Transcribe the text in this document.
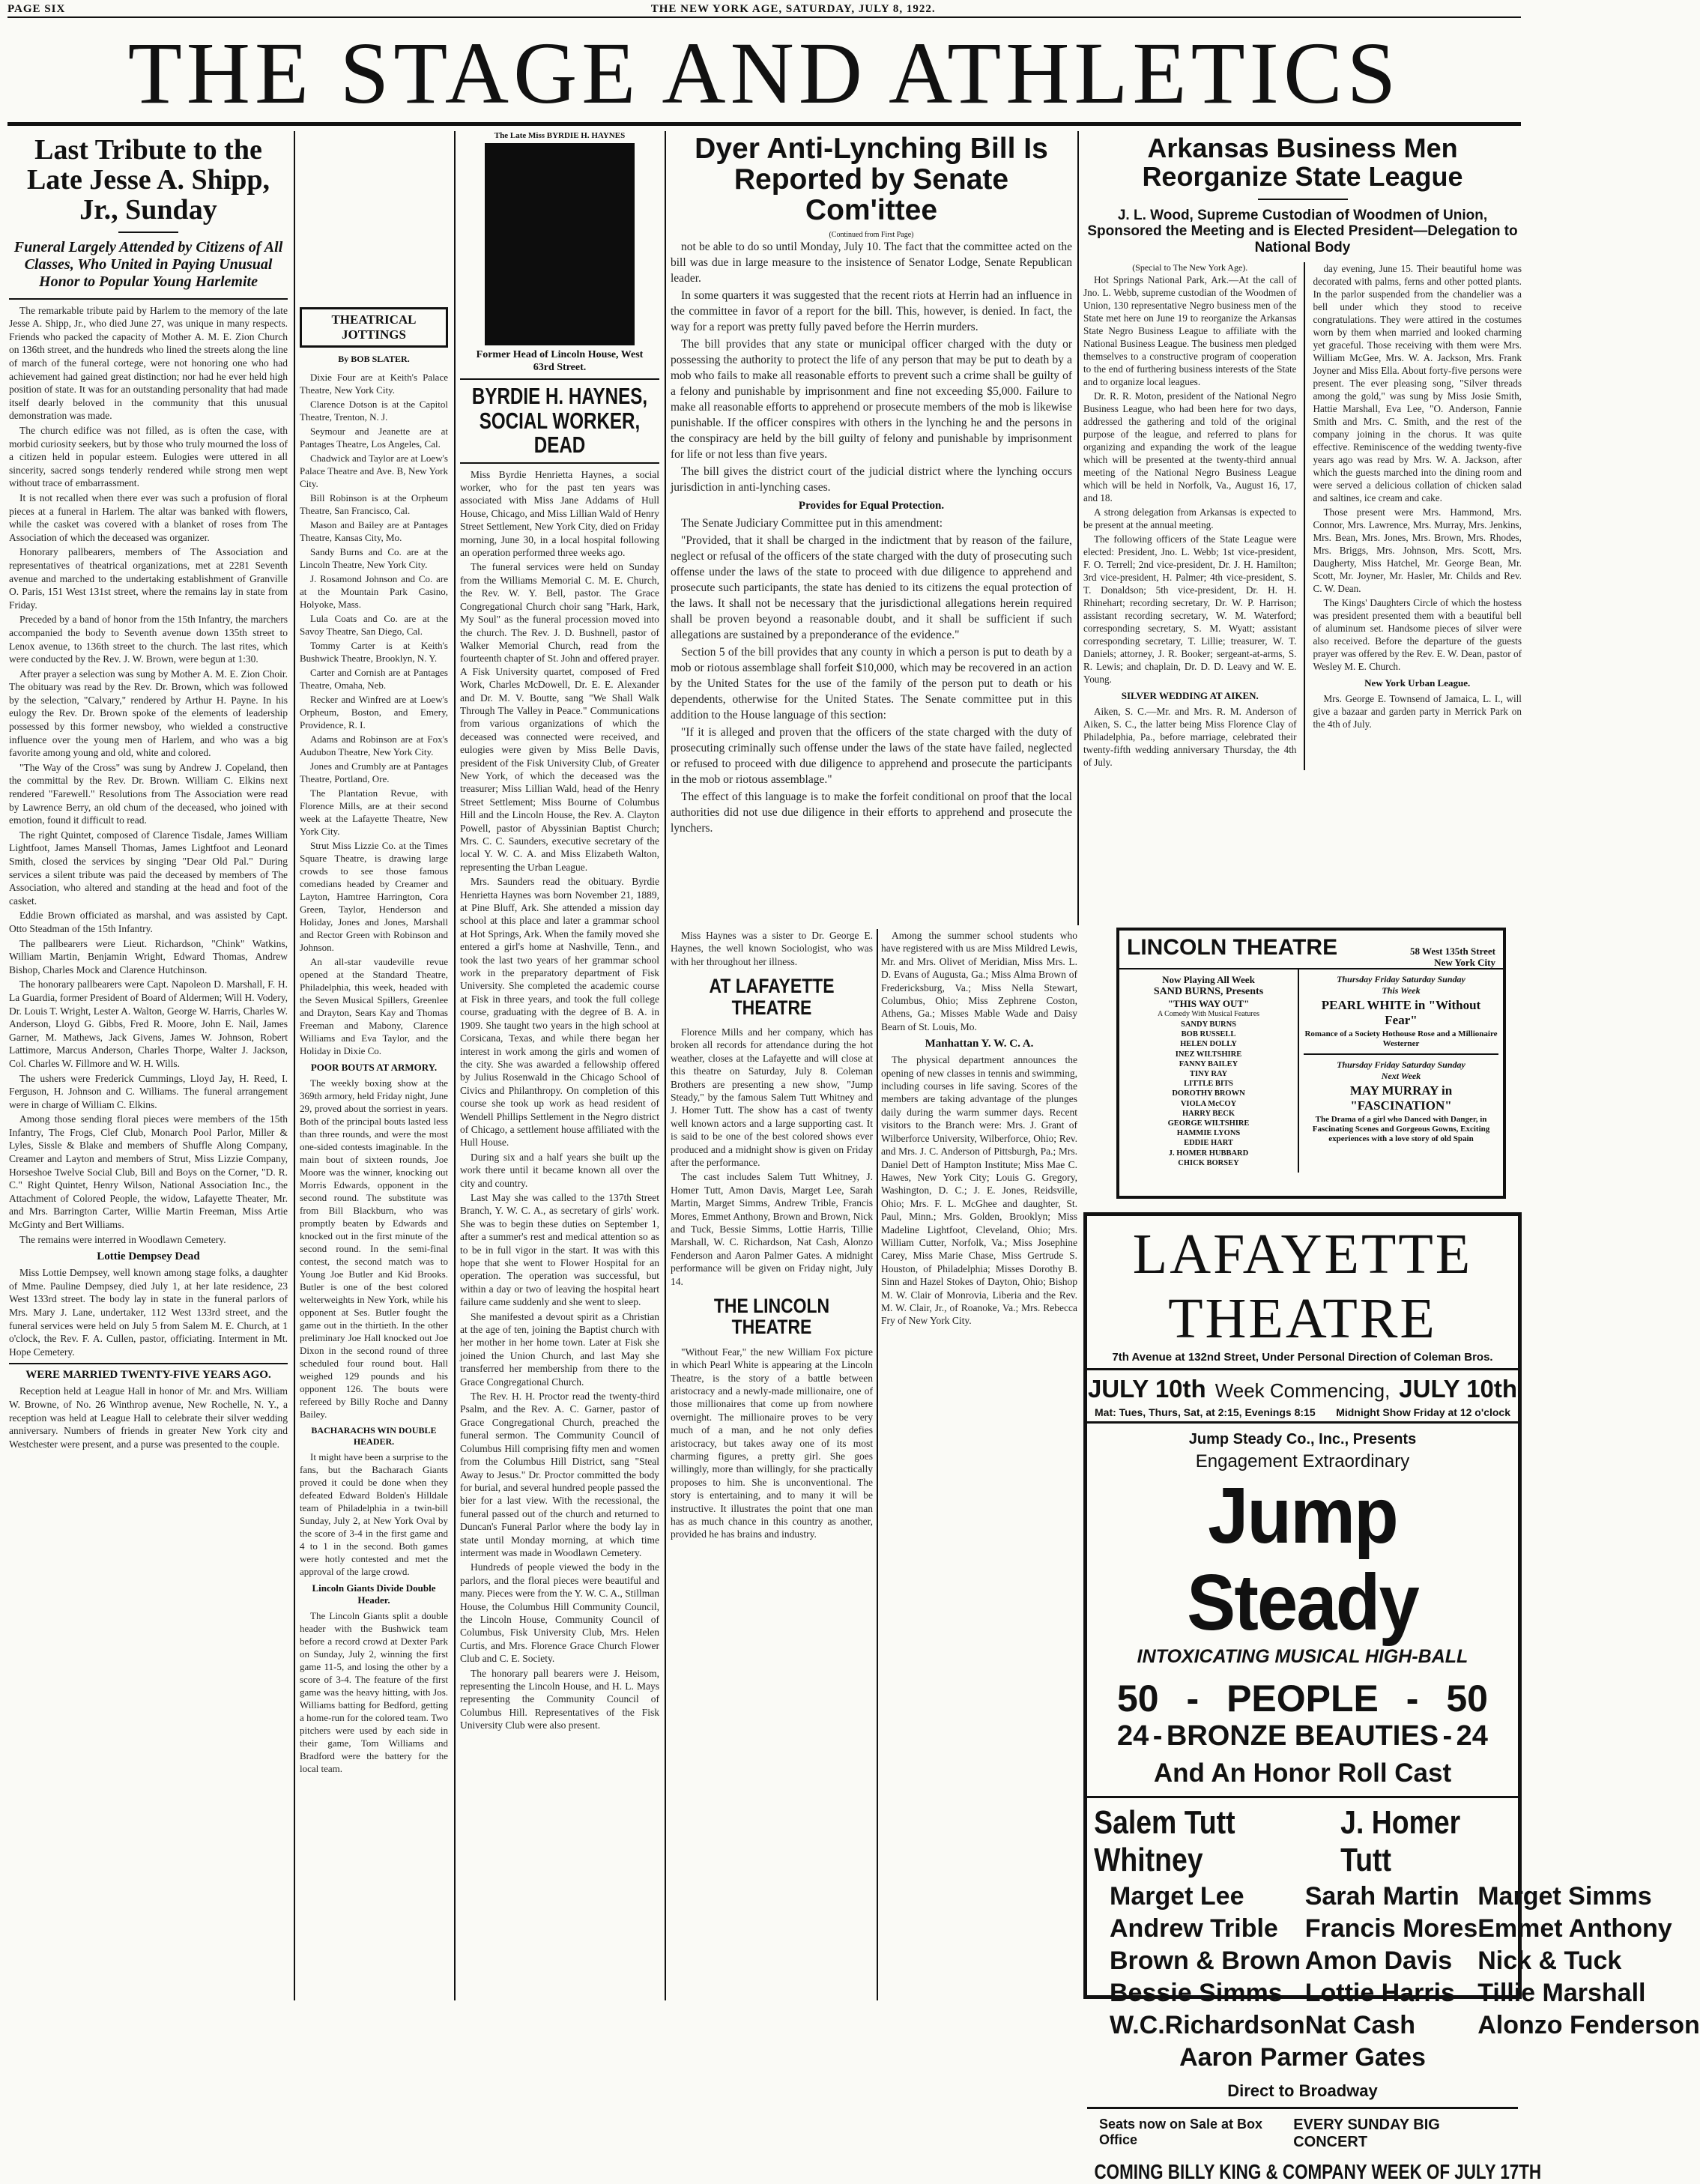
PAGE SIX	THE NEW YORK AGE, SATURDAY, JULY 8, 1922.
THE STAGE AND ATHLETICS
Last Tribute to the Late Jesse A. Shipp, Jr., Sunday
Funeral Largely Attended by Citizens of All Classes, Who United in Paying Unusual Honor to Popular Young Harlemite

The remarkable tribute paid by Harlem to the memory of the late Jesse A. Shipp, Jr., who died June 27, was unique in many respects. Friends who packed the capacity of Mother A. M. E. Zion Church on 136th street, and the hundreds who lined the streets along the line of march of the funeral cortege, were not honoring one who had achievement had gained great distinction; nor had he ever held high position of state. It was for an outstanding personality that had made itself dearly beloved in the community that this unusual demonstration was made.

The church edifice was not filled, as is often the case, with morbid curiosity seekers, but by those who truly mourned the loss of a citizen held in popular esteem. Eulogies were uttered in all sincerity, sacred songs tenderly rendered while strong men wept without trace of embarrassment.

It is not recalled when there ever was such a profusion of floral pieces at a funeral in Harlem. The altar was banked with flowers, while the casket was covered with a blanket of roses from The Association of which the deceased was organizer.

Honorary pallbearers, members of The Association and representatives of theatrical organizations, met at 2281 Seventh avenue and marched to the undertaking establishment of Granville O. Paris, 151 West 131st street, where the remains lay in state from Friday.

Preceded by a band of honor from the 15th Infantry, the marchers accompanied the body to Seventh avenue down 135th street to Lenox avenue, to 136th street to the church. The last rites, which were conducted by the Rev. J. W. Brown, were begun at 1:30.

After prayer a selection was sung by Mother A. M. E. Zion Choir. The obituary was read by the Rev. Dr. Brown, which was followed by the selection, "Calvary," rendered by Arthur H. Payne. In his eulogy the Rev. Dr. Brown spoke of the elements of leadership possessed by this former newsboy, who wielded a constructive influence over the young men of Harlem, and who was a big favorite among young and old, white and colored.

"The Way of the Cross" was sung by Andrew J. Copeland, then the committal by the Rev. Dr. Brown. William C. Elkins next rendered "Farewell." Resolutions from The Association were read by Lawrence Berry, an old chum of the deceased, who joined with emotion, found it difficult to read.

The right Quintet, composed of Clarence Tisdale, James William Lightfoot, James Mansell Thomas, James Lightfoot and Leonard Smith, closed the services by singing "Dear Old Pal." During services a silent tribute was paid the deceased by members of The Association, who altered and standing at the head and foot of the casket.

Eddie Brown officiated as marshal, and was assisted by Capt. Otto Steadman of the 15th Infantry.

The pallbearers were Lieut. Richardson, "Chink" Watkins, William Martin, Benjamin Wright, Edward Thomas, Andrew Bishop, Charles Mock and Clarence Hutchinson.

The honorary pallbearers were Capt. Napoleon D. Marshall, F. H. La Guardia, former President of Board of Aldermen; Will H. Vodery, Dr. Louis T. Wright, Lester A. Walton, George W. Harris, Charles W. Anderson, Lloyd G. Gibbs, Fred R. Moore, John E. Nail, James Garner, M. Mathews, Jack Givens, James W. Johnson, Robert Lattimore, Marcus Anderson, Charles Thorpe, Walter J. Jackson, Col. Charles W. Fillmore and W. H. Wills.

The ushers were Frederick Cummings, Lloyd Jay, H. Reed, I. Ferguson, H. Johnson and C. Williams. The funeral arrangement were in charge of William C. Elkins.

Among those sending floral pieces were members of the 15th Infantry, The Frogs, Clef Club, Monarch Pool Parlor, Miller & Lyles, Sissle & Blake and members of Shuffle Along Company, Creamer and Layton and members of Strut, Miss Lizzie Company, Horseshoe Twelve Social Club, Bill and Boys on the Corner, "D. R. C." Right Quintet, Henry Wilson, National Association Inc., the Attachment of Colored People, the widow, Lafayette Theater, Mr. and Mrs. Barrington Carter, Willie Martin Freeman, Miss Artie McGinty and Bert Williams.

The remains were interred in Woodlawn Cemetery.

Lottie Dempsey Dead

Miss Lottie Dempsey, well known among stage folks, a daughter of Mme. Pauline Dempsey, died July 1, at her late residence, 23 West 133rd street. The body lay in state in the funeral parlors of Mrs. Mary J. Lane, undertaker, 112 West 133rd street, and the funeral services were held on July 5 from Salem M. E. Church, at 1 o'clock, the Rev. F. A. Cullen, pastor, officiating. Interment in Mt. Hope Cemetery.

WERE MARRIED TWENTY-FIVE YEARS AGO.

Reception held at League Hall in honor of Mr. and Mrs. William W. Browne, of No. 26 Winthrop avenue, New Rochelle, N. Y., a reception was held at League Hall to celebrate their silver wedding anniversary. Numbers of friends in greater New York city and Westchester were present, and a purse was presented to the couple.

THEATRICAL JOTTINGS
By BOB SLATER.

Dixie Four are at Keith's Palace Theatre, New York City.

Clarence Dotson is at the Capitol Theatre, Trenton, N. J.

Seymour and Jeanette are at Pantages Theatre, Los Angeles, Cal.

Chadwick and Taylor are at Loew's Palace Theatre and Ave. B, New York City.

Bill Robinson is at the Orpheum Theatre, San Francisco, Cal.

Mason and Bailey are at Pantages Theatre, Kansas City, Mo.

Sandy Burns and Co. are at the Lincoln Theatre, New York City.

J. Rosamond Johnson and Co. are at the Mountain Park Casino, Holyoke, Mass.

Lula Coats and Co. are at the Savoy Theatre, San Diego, Cal.

Tommy Carter is at Keith's Bushwick Theatre, Brooklyn, N. Y.

Carter and Cornish are at Pantages Theatre, Omaha, Neb.

Recker and Winfred are at Loew's Orpheum, Boston, and Emery, Providence, R. I.

Adams and Robinson are at Fox's Audubon Theatre, New York City.

Jones and Crumbly are at Pantages Theatre, Portland, Ore.

The Plantation Revue, with Florence Mills, are at their second week at the Lafayette Theatre, New York City.

Strut Miss Lizzie Co. at the Times Square Theatre, is drawing large crowds to see those famous comedians headed by Creamer and Layton, Hamtree Harrington, Cora Green, Taylor, Henderson and Holiday, Jones and Jones, Marshall and Rector Green with Robinson and Johnson.

An all-star vaudeville revue opened at the Standard Theatre, Philadelphia, this week, headed with the Seven Musical Spillers, Greenlee and Drayton, Sears Kay and Thomas Freeman and Mabony, Clarence Williams and Eva Taylor, and the Holiday in Dixie Co.

POOR BOUTS AT ARMORY.

The weekly boxing show at the 369th armory, held Friday night, June 29, proved about the sorriest in years. Both of the principal bouts lasted less than three rounds, and were the most one-sided contests imaginable. In the main bout of sixteen rounds, Joe Moore was the winner, knocking out Morris Edwards, opponent in the second round. The substitute was from Bill Blackburn, who was promptly beaten by Edwards and knocked out in the first minute of the second round. In the semi-final contest, the second match was to Young Joe Butler and Kid Brooks. Butler is one of the best colored welterweights in New York, while his opponent at Ses. Butler fought the game out in the thirtieth. In the other preliminary Joe Hall knocked out Joe Dixon in the second round of three scheduled four round bout. Hall weighed 129 pounds and his opponent 126. The bouts were refereed by Billy Roche and Danny Bailey.

BACHARACHS WIN DOUBLE HEADER.

It might have been a surprise to the fans, but the Bacharach Giants proved it could be done when they defeated Edward Bolden's Hilldale team of Philadelphia in a twin-bill Sunday, July 2, at New York Oval by the score of 3-4 in the first game and 4 to 1 in the second. Both games were hotly contested and met the approval of the large crowd.

Lincoln Giants Divide Double Header.

The Lincoln Giants split a double header with the Bushwick team before a record crowd at Dexter Park on Sunday, July 2, winning the first game 11-5, and losing the other by a score of 3-4. The feature of the first game was the heavy hitting, with Jos. Williams batting for Bedford, getting a home-run for the colored team. Two pitchers were used by each side in their game, Tom Williams and Bradford were the battery for the local team.

The Late Miss BYRDIE H. HAYNES
Former Head of Lincoln House, West 63rd Street.
BYRDIE H. HAYNES, SOCIAL WORKER, DEAD

Miss Byrdie Henrietta Haynes, a social worker, who for the past ten years was associated with Miss Jane Addams of Hull House, Chicago, and Miss Lillian Wald of Henry Street Settlement, New York City, died on Friday morning, June 30, in a local hospital following an operation performed three weeks ago.

The funeral services were held on Sunday from the Williams Memorial C. M. E. Church, the Rev. W. Y. Bell, pastor. The Grace Congregational Church choir sang "Hark, Hark, My Soul" as the funeral procession moved into the church. The Rev. J. D. Bushnell, pastor of Walker Memorial Church, read from the fourteenth chapter of St. John and offered prayer. A Fisk University quartet, composed of Fred Work, Charles McDowell, Dr. E. E. Alexander and Dr. M. V. Boutte, sang "We Shall Walk Through The Valley in Peace." Communications from various organizations of which the deceased was connected were received, and eulogies were given by Miss Belle Davis, president of the Fisk University Club, of Greater New York, of which the deceased was the treasurer; Miss Lillian Wald, head of the Henry Street Settlement; Miss Bourne of Columbus Hill and the Lincoln House, the Rev. A. Clayton Powell, pastor of Abyssinian Baptist Church; Mrs. C. C. Saunders, executive secretary of the local Y. W. C. A. and Miss Elizabeth Walton, representing the Urban League.

Mrs. Saunders read the obituary. Byrdie Henrietta Haynes was born November 21, 1889, at Pine Bluff, Ark. She attended a mission day school at this place and later a grammar school at Hot Springs, Ark. When the family moved she entered a girl's home at Nashville, Tenn., and took the last two years of her grammar school work in the preparatory department of Fisk University. She completed the academic course at Fisk in three years, and took the full college course, graduating with the degree of B. A. in 1909. She taught two years in the high school at Corsicana, Texas, and while there began her interest in work among the girls and women of the city. She was awarded a fellowship offered by Julius Rosenwald in the Chicago School of Civics and Philanthropy. On completion of this course she took up work as head resident of Wendell Phillips Settlement in the Negro district of Chicago, a settlement house affiliated with the Hull House.

During six and a half years she built up the work there until it became known all over the city and country.

Last May she was called to the 137th Street Branch, Y. W. C. A., as secretary of girls' work. She was to begin these duties on September 1, after a summer's rest and medical attention so as to be in full vigor in the start. It was with this hope that she went to Flower Hospital for an operation. The operation was successful, but within a day or two of leaving the hospital heart failure came suddenly and she went to sleep.

She manifested a devout spirit as a Christian at the age of ten, joining the Baptist church with her mother in her home town. Later at Fisk she joined the Union Church, and last May she transferred her membership from there to the Grace Congregational Church.

The Rev. H. H. Proctor read the twenty-third Psalm, and the Rev. A. C. Garner, pastor of Grace Congregational Church, preached the funeral sermon. The Community Council of Columbus Hill comprising fifty men and women from the Columbus Hill District, sang "Steal Away to Jesus." Dr. Proctor committed the body for burial, and several hundred people passed the bier for a last view. With the recessional, the funeral passed out of the church and returned to Duncan's Funeral Parlor where the body lay in state until Monday morning, at which time interment was made in Woodlawn Cemetery.

Hundreds of people viewed the body in the parlors, and the floral pieces were beautiful and many. Pieces were from the Y. W. C. A., Stillman House, the Columbus Hill Community Council, the Lincoln House, Community Council of Columbus, Fisk University Club, Mrs. Helen Curtis, and Mrs. Florence Grace Church Flower Club and C. E. Society.

The honorary pall bearers were J. Heisom, representing the Lincoln House, and H. L. Mays representing the Community Council of Columbus Hill. Representatives of the Fisk University Club were also present.

Dyer Anti-Lynching Bill Is Reported by Senate Com'ittee
(Continued from First Page)

not be able to do so until Monday, July 10. The fact that the committee acted on the bill was due in large measure to the insistence of Senator Lodge, Senate Republican leader.

In some quarters it was suggested that the recent riots at Herrin had an influence in the committee in favor of a report for the bill. This, however, is denied. In fact, the way for a report was pretty fully paved before the Herrin murders.

The bill provides that any state or municipal officer charged with the duty or possessing the authority to protect the life of any person that may be put to death by a mob who fails to make all reasonable efforts to prevent such a crime shall be guilty of a felony and punishable by imprisonment and fine not exceeding $5,000. Failure to make all reasonable efforts to apprehend or prosecute members of the mob is likewise punishable. If the officer conspires with others in the lynching he and the persons in the conspiracy are held by the bill guilty of felony and punishable by imprisonment for life or not less than five years.

The bill gives the district court of the judicial district where the lynching occurs jurisdiction in anti-lynching cases.

Provides for Equal Protection.

The Senate Judiciary Committee put in this amendment:

"Provided, that it shall be charged in the indictment that by reason of the failure, neglect or refusal of the officers of the state charged with the duty of prosecuting such offense under the laws of the state to proceed with due diligence to apprehend and prosecute such participants, the state has denied to its citizens the equal protection of the laws. It shall not be necessary that the jurisdictional allegations herein required shall be proven beyond a reasonable doubt, and it shall be sufficient if such allegations are sustained by a preponderance of the evidence."

Section 5 of the bill provides that any county in which a person is put to death by a mob or riotous assemblage shall forfeit $10,000, which may be recovered in an action by the United States for the use of the family of the person put to death or his dependents, otherwise for the United States. The Senate committee put in this addition to the House language of this section:

"If it is alleged and proven that the officers of the state charged with the duty of prosecuting criminally such offense under the laws of the state have failed, neglected or refused to proceed with due diligence to apprehend and prosecute the participants in the mob or riotous assemblage."

The effect of this language is to make the forfeit conditional on proof that the local authorities did not use due diligence in their efforts to apprehend and prosecute the lynchers.

Miss Haynes was a sister to Dr. George E. Haynes, the well known Sociologist, who was with her throughout her illness.

AT LAFAYETTE THEATRE

Florence Mills and her company, which has broken all records for attendance during the hot weather, closes at the Lafayette and will close at this theatre on Saturday, July 8. Coleman Brothers are presenting a new show, "Jump Steady," by the famous Salem Tutt Whitney and J. Homer Tutt. The show has a cast of twenty well known actors and a large supporting cast. It is said to be one of the best colored shows ever produced and a midnight show is given on Friday after the performance.

The cast includes Salem Tutt Whitney, J. Homer Tutt, Amon Davis, Marget Lee, Sarah Martin, Marget Simms, Andrew Trible, Francis Mores, Emmet Anthony, Brown and Brown, Nick and Tuck, Bessie Simms, Lottie Harris, Tillie Marshall, W. C. Richardson, Nat Cash, Alonzo Fenderson and Aaron Palmer Gates. A midnight performance will be given on Friday night, July 14.

THE LINCOLN THEATRE

"Without Fear," the new William Fox picture in which Pearl White is appearing at the Lincoln Theatre, is the story of a battle between aristocracy and a newly-made millionaire, one of those millionaires that come up from nowhere overnight. The millionaire proves to be very much of a man, and he not only defies aristocracy, but takes away one of its most charming figures, a pretty girl. She goes willingly, more than willingly, for she practically proposes to him. She is unconventional. The story is entertaining, and to many it will be instructive. It illustrates the point that one man has as much chance in this country as another, provided he has brains and industry.

Among the summer school students who have registered with us are Miss Mildred Lewis, Mr. and Mrs. Olivet of Meridian, Miss Mrs. L. D. Evans of Augusta, Ga.; Miss Alma Brown of Fredericksburg, Va.; Miss Nella Stewart, Columbus, Ohio; Miss Zephrene Coston, Athens, Ga.; Misses Mable Wade and Daisy Bearn of St. Louis, Mo.

Manhattan Y. W. C. A.

The physical department announces the opening of new classes in tennis and swimming, including courses in life saving. Scores of the members are taking advantage of the plunges daily during the warm summer days. Recent visitors to the Branch were: Mrs. J. Grant of Wilberforce University, Wilberforce, Ohio; Rev. and Mrs. J. C. Anderson of Pittsburgh, Pa.; Mrs. Daniel Dett of Hampton Institute; Miss Mae C. Hawes, New York City; Louis G. Gregory, Washington, D. C.; J. E. Jones, Reidsville, Ohio; Mrs. F. L. McGhee and daughter, St. Paul, Minn.; Mrs. Golden, Brooklyn; Miss Madeline Lightfoot, Cleveland, Ohio; Mrs. William Cutter, Norfolk, Va.; Miss Josephine Carey, Miss Marie Chase, Miss Gertrude S. Houston, of Philadelphia; Misses Dorothy B. Sinn and Hazel Stokes of Dayton, Ohio; Bishop M. W. Clair of Monrovia, Liberia and the Rev. M. W. Clair, Jr., of Roanoke, Va.; Mrs. Rebecca Fry of New York City.

Arkansas Business Men Reorganize State League
J. L. Wood, Supreme Custodian of Woodmen of Union, Sponsored the Meeting and is Elected President—Delegation to National Body
(Special to The New York Age).

Hot Springs National Park, Ark.—At the call of Jno. L. Webb, supreme custodian of the Woodmen of Union, 130 representative Negro business men of the State met here on June 19 to reorganize the Arkansas State Negro Business League to affiliate with the National Business League. The business men pledged themselves to a constructive program of cooperation to the end of furthering business interests of the State and to organize local leagues.

Dr. R. R. Moton, president of the National Negro Business League, who had been here for two days, addressed the gathering and told of the original purpose of the league, and referred to plans for organizing and expanding the work of the league which will be presented at the twenty-third annual meeting of the National Negro Business League which will be held in Norfolk, Va., August 16, 17, and 18.

A strong delegation from Arkansas is expected to be present at the annual meeting.

The following officers of the State League were elected: President, Jno. L. Webb; 1st vice-president, F. O. Terrell; 2nd vice-president, Dr. J. H. Hamilton; 3rd vice-president, H. Palmer; 4th vice-president, S. T. Donaldson; 5th vice-president, Dr. H. H. Rhinehart; recording secretary, Dr. W. P. Harrison; assistant recording secretary, W. M. Waterford; corresponding secretary, S. M. Wyatt; assistant corresponding secretary, T. Lillie; treasurer, W. T. Daniels; attorney, J. R. Booker; sergeant-at-arms, S. R. Lewis; and chaplain, Dr. D. D. Leavy and W. E. Young.

SILVER WEDDING AT AIKEN.

Aiken, S. C.—Mr. and Mrs. R. M. Anderson of Aiken, S. C., the latter being Miss Florence Clay of Philadelphia, Pa., before marriage, celebrated their twenty-fifth wedding anniversary Thursday, the 4th of July.

day evening, June 15. Their beautiful home was decorated with palms, ferns and other potted plants. In the parlor suspended from the chandelier was a bell under which they stood to receive congratulations. They were attired in the costumes worn by them when married and looked charming yet graceful. Those receiving with them were Mrs. William McGee, Mrs. W. A. Jackson, Mrs. Frank Joyner and Miss Ella. About forty-five persons were present. The ever pleasing song, "Silver threads among the gold," was sung by Miss Josie Smith, Hattie Marshall, Eva Lee, "O. Anderson, Fannie Smith and Mrs. C. Smith, and the rest of the company joining in the chorus. It was quite effective. Reminiscence of the wedding twenty-five years ago was read by Mrs. W. A. Jackson, after which the guests marched into the dining room and were served a delicious collation of chicken salad and saltines, ice cream and cake.

Those present were Mrs. Hammond, Mrs. Connor, Mrs. Lawrence, Mrs. Murray, Mrs. Jenkins, Mrs. Bean, Mrs. Jones, Mrs. Brown, Mrs. Rhodes, Mrs. Briggs, Mrs. Johnson, Mrs. Scott, Mrs. Daugherty, Miss Hatchel, Mr. George Bean, Mr. Scott, Mr. Joyner, Mr. Hasler, Mr. Childs and Rev. C. W. Dean.

The Kings' Daughters Circle of which the hostess was president presented them with a beautiful bell of aluminum set. Handsome pieces of silver were also received. Before the departure of the guests prayer was offered by the Rev. E. W. Dean, pastor of Wesley M. E. Church.

New York Urban League.

Mrs. George E. Townsend of Jamaica, L. I., will give a bazaar and garden party in Merrick Park on the 4th of July.

LINCOLN THEATRE	58 West 135th Street
New York City
Now Playing All Week
SAND BURNS, Presents
"THIS WAY OUT"
A Comedy With Musical Features
SANDY BURNS
BOB RUSSELL
HELEN DOLLY
INEZ WILTSHIRE
FANNY BAILEY
TINY RAY
LITTLE BITS
DOROTHY BROWN
VIOLA McCOY
HARRY BECK
GEORGE WILTSHIRE
HAMMIE LYONS
EDDIE HART
J. HOMER HUBBARD
CHICK BORSEY
Thursday Friday Saturday Sunday
This Week
PEARL WHITE in "Without Fear"
Romance of a Society Hothouse Rose and a Millionaire Westerner
Thursday Friday Saturday Sunday
Next Week
MAY MURRAY in "FASCINATION"
The Drama of a girl who Danced with Danger, in Fascinating Scenes and Gorgeous Gowns, Exciting experiences with a love story of old Spain
LAFAYETTE THEATRE
7th Avenue at 132nd Street, Under Personal Direction of Coleman Bros.
JULY 10th Week Commencing, JULY 10th
Mat: Tues, Thurs, Sat, at 2:15, Evenings 8:15 Midnight Show Friday at 12 o'clock
Jump Steady Co., Inc., Presents
Engagement Extraordinary
Jump Steady
INTOXICATING MUSICAL HIGH-BALL
50 - PEOPLE - 50
24 - BRONZE BEAUTIES - 24
And An Honor Roll Cast
Salem Tutt Whitney
J. Homer Tutt
Marget Lee	Sarah Martin Marget Simms
Andrew Trible	Francis Mores Emmet Anthony
Brown & Brown Amon Davis	Nick & Tuck
Bessie Simms Lottie Harris Tillie Marshall
W.C.Richardson Nat Cash	Alonzo Fenderson
Aaron Parmer Gates
Direct to Broadway
Seats now on Sale at Box Office
EVERY SUNDAY BIG CONCERT
COMING BILLY KING & COMPANY WEEK OF JULY 17TH
